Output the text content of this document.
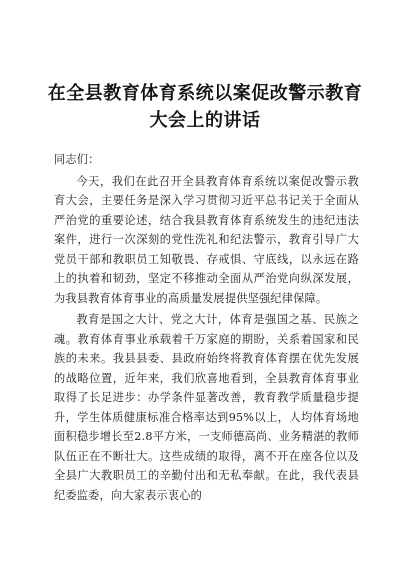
在全县教育体育系统以案促改警示教育大会上的讲话

同志们：

今天，我们在此召开全县教育体育系统以案促改警示教育大会，主要任务是深入学习贯彻习近平总书记关于全面从严治党的重要论述，结合我县教育体育系统发生的违纪违法案件，进行一次深刻的党性洗礼和纪法警示，教育引导广大党员干部和教职员工知敬畏、存戒惧、守底线，以永远在路上的执着和韧劲，坚定不移推动全面从严治党向纵深发展，为我县教育体育事业的高质量发展提供坚强纪律保障。

教育是国之大计、党之大计，体育是强国之基、民族之魂。教育体育事业承载着千万家庭的期盼，关系着国家和民族的未来。我县县委、县政府始终将教育体育摆在优先发展的战略位置，近年来，我们欣喜地看到，全县教育体育事业取得了长足进步：办学条件显著改善，教育教学质量稳步提升，学生体质健康标准合格率达到95%以上，人均体育场地面积稳步增长至2.8平方米，一支师德高尚、业务精湛的教师队伍正在不断壮大。这些成绩的取得，离不开在座各位以及全县广大教职员工的辛勤付出和无私奉献。在此，我代表县纪委监委，向大家表示衷心的
